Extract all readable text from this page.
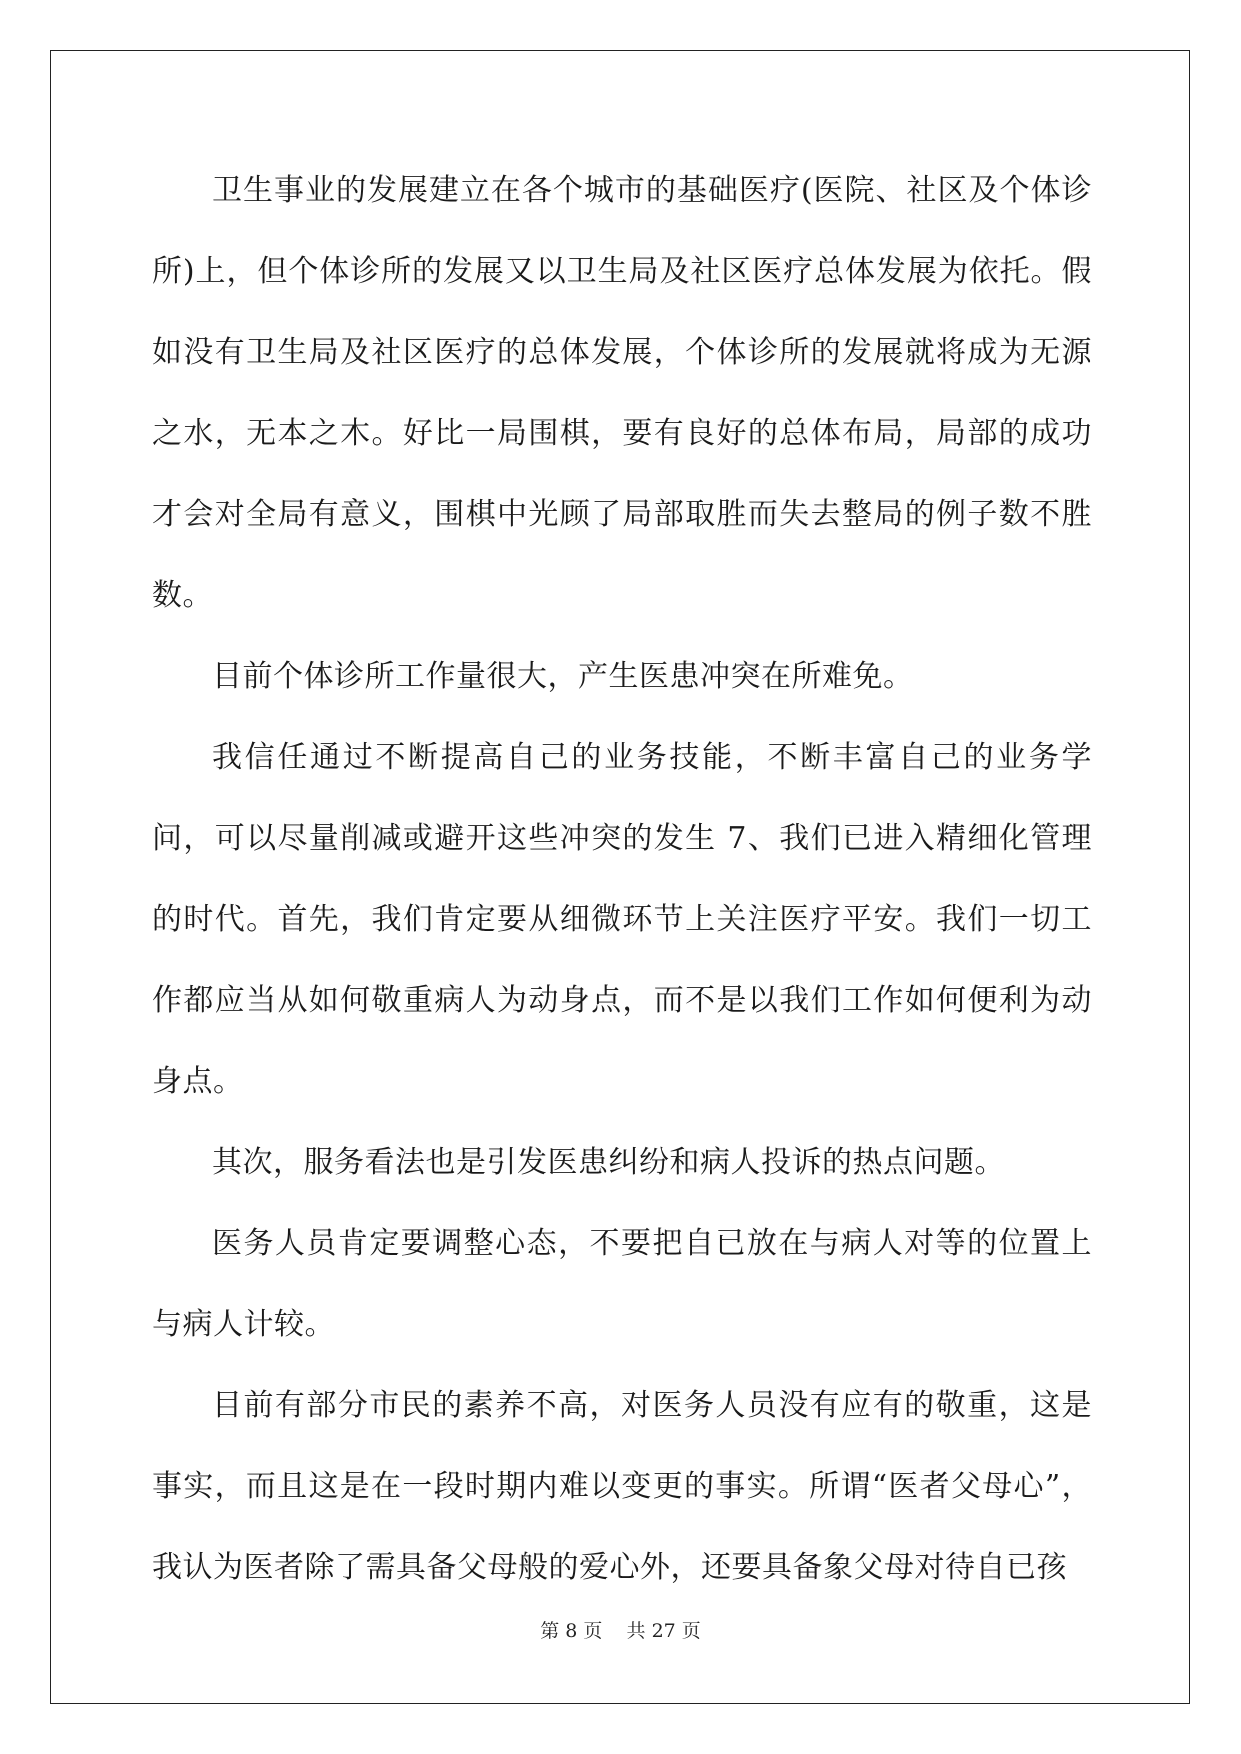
卫生事业的发展建立在各个城市的基础医疗(医院、社区及个体诊所)上，但个体诊所的发展又以卫生局及社区医疗总体发展为依托。假如没有卫生局及社区医疗的总体发展，个体诊所的发展就将成为无源之水，无本之木。好比一局围棋，要有良好的总体布局，局部的成功才会对全局有意义，围棋中光顾了局部取胜而失去整局的例子数不胜数。

目前个体诊所工作量很大，产生医患冲突在所难免。

我信任通过不断提高自己的业务技能，不断丰富自己的业务学问，可以尽量削减或避开这些冲突的发生 7、我们已进入精细化管理的时代。首先，我们肯定要从细微环节上关注医疗平安。我们一切工作都应当从如何敬重病人为动身点，而不是以我们工作如何便利为动身点。

其次，服务看法也是引发医患纠纷和病人投诉的热点问题。

医务人员肯定要调整心态，不要把自已放在与病人对等的位置上与病人计较。

目前有部分市民的素养不高，对医务人员没有应有的敬重，这是事实，而且这是在一段时期内难以变更的事实。所谓“医者父母心”，我认为医者除了需具备父母般的爱心外，还要具备象父母对待自已孩

第 8 页 共 27 页
